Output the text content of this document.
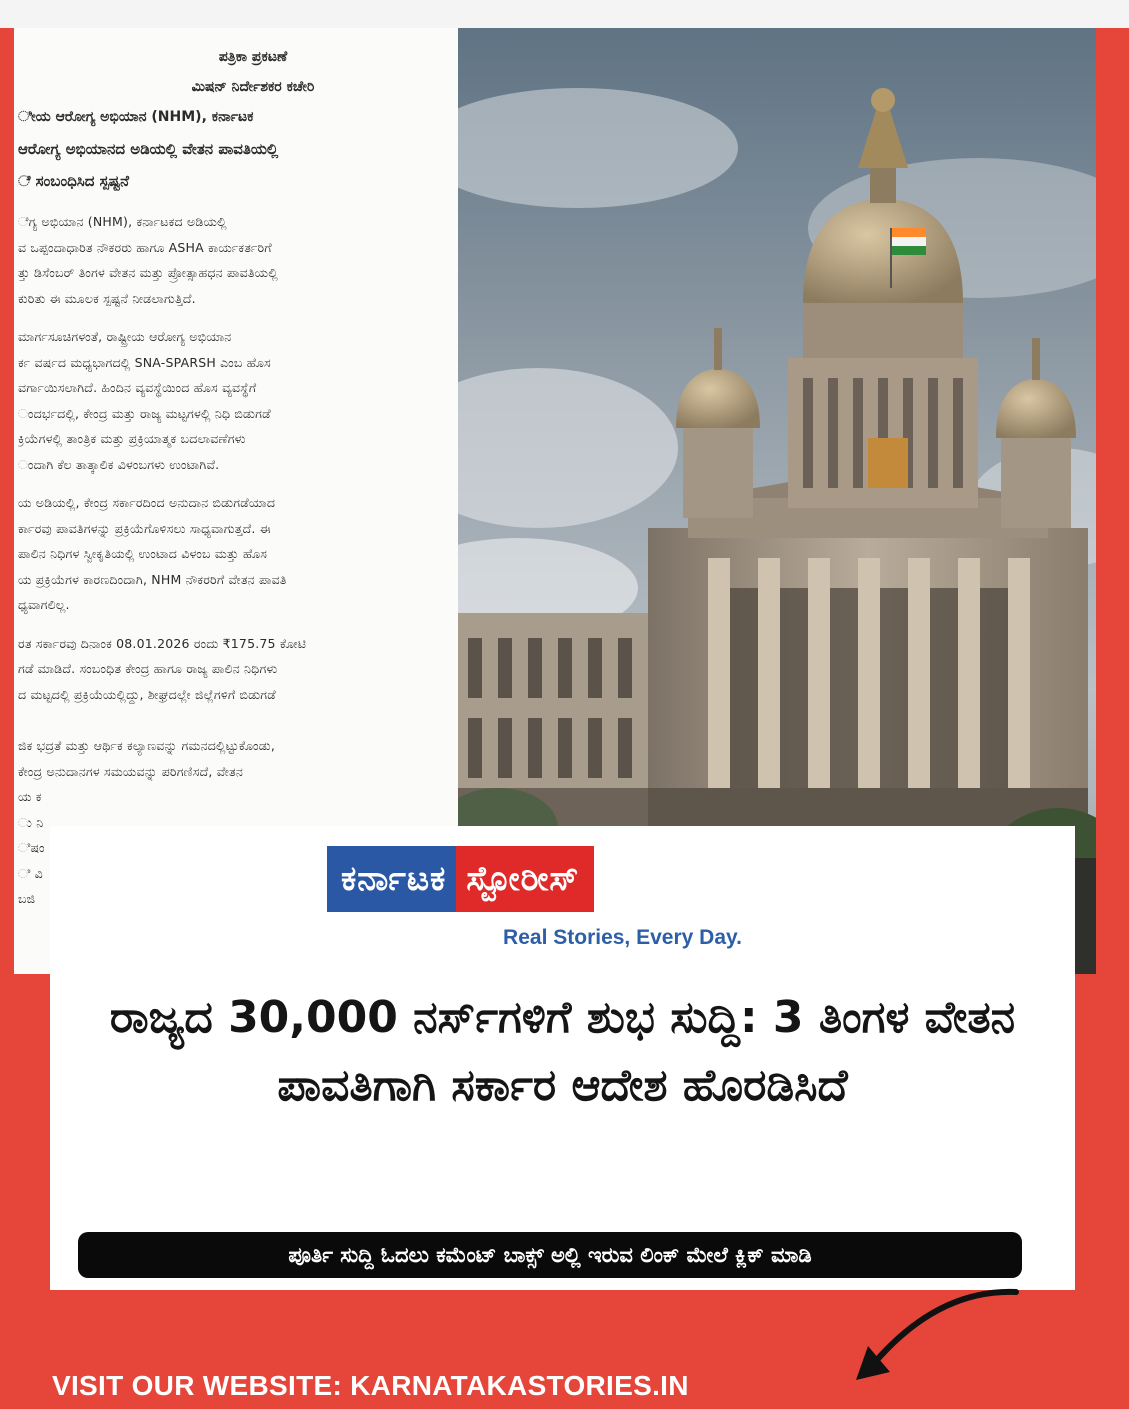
ಪತ್ರಿಕಾ ಪ್ರಕಟಣೆ
ಮಿಷನ್ ನಿರ್ದೇಶಕರ ಕಚೇರಿ
ೀಯ ಆರೋಗ್ಯ ಅಭಿಯಾನ (NHM), ಕರ್ನಾಟಕ
ಆರೋಗ್ಯ ಅಭಿಯಾನದ ಅಡಿಯಲ್ಲಿ ವೇತನ ಪಾವತಿಯಲ್ಲಿ
ೆ ಸಂಬಂಧಿಸಿದ ಸ್ಪಷ್ಟನೆ
ೆಗ್ಯ ಅಭಿಯಾನ (NHM), ಕರ್ನಾಟಕದ ಅಡಿಯಲ್ಲಿ
ವ ಒಪ್ಪಂದಾಧಾರಿತ ನೌಕರರು ಹಾಗೂ ASHA ಕಾರ್ಯಕರ್ತರಿಗೆ
ತ್ತು ಡಿಸೆಂಬರ್ ತಿಂಗಳ ವೇತನ ಮತ್ತು ಪ್ರೋತ್ಸಾಹಧನ ಪಾವತಿಯಲ್ಲಿ
ಕುರಿತು ಈ ಮೂಲಕ ಸ್ಪಷ್ಟನೆ ನೀಡಲಾಗುತ್ತಿದೆ.
ಮಾರ್ಗಸೂಚಿಗಳಂತೆ, ರಾಷ್ಟ್ರೀಯ ಆರೋಗ್ಯ ಅಭಿಯಾನ
ರ್ಕ ವರ್ಷದ ಮಧ್ಯಭಾಗದಲ್ಲಿ SNA-SPARSH ಎಂಬ ಹೊಸ
ವರ್ಗಾಯಿಸಲಾಗಿದೆ. ಹಿಂದಿನ ವ್ಯವಸ್ಥೆಯಿಂದ ಹೊಸ ವ್ಯವಸ್ಥೆಗೆ
ಂದರ್ಭದಲ್ಲಿ, ಕೇಂದ್ರ ಮತ್ತು ರಾಜ್ಯ ಮಟ್ಟಗಳಲ್ಲಿ ನಿಧಿ ಬಿಡುಗಡೆ
ಕ್ರಿಯೆಗಳಲ್ಲಿ ತಾಂತ್ರಿಕ ಮತ್ತು ಪ್ರಕ್ರಿಯಾತ್ಮಕ ಬದಲಾವಣೆಗಳು
ಂದಾಗಿ ಕೆಲ ತಾತ್ಕಾಲಿಕ ವಿಳಂಬಗಳು ಉಂಟಾಗಿವೆ.
ಯ ಅಡಿಯಲ್ಲಿ, ಕೇಂದ್ರ ಸರ್ಕಾರದಿಂದ ಅನುದಾನ ಬಿಡುಗಡೆಯಾದ
ರ್ಕಾರವು ಪಾವತಿಗಳನ್ನು ಪ್ರಕ್ರಿಯೆಗೊಳಿಸಲು ಸಾಧ್ಯವಾಗುತ್ತದೆ. ಈ
ಪಾಲಿನ ನಿಧಿಗಳ ಸ್ವೀಕೃತಿಯಲ್ಲಿ ಉಂಟಾದ ವಿಳಂಬ ಮತ್ತು ಹೊಸ
ಯ ಪ್ರಕ್ರಿಯೆಗಳ ಕಾರಣದಿಂದಾಗಿ, NHM ನೌಕರರಿಗೆ ವೇತನ ಪಾವತಿ
ಧ್ಯವಾಗಲಿಲ್ಲ.
ರತ ಸರ್ಕಾರವು ದಿನಾಂಕ 08.01.2026 ರಂದು ₹175.75 ಕೋಟಿ
ಗಡೆ ಮಾಡಿದೆ. ಸಂಬಂಧಿತ ಕೇಂದ್ರ ಹಾಗೂ ರಾಜ್ಯ ಪಾಲಿನ ನಿಧಿಗಳು
ದ ಮಟ್ಟದಲ್ಲಿ ಪ್ರಕ್ರಿಯೆಯಲ್ಲಿದ್ದು, ಶೀಘ್ರದಲ್ಲೇ ಜಿಲ್ಲೆಗಳಿಗೆ ಬಿಡುಗಡೆ
ಜಿಕ ಭದ್ರತೆ ಮತ್ತು ಆರ್ಥಿಕ ಕಲ್ಯಾಣವನ್ನು ಗಮನದಲ್ಲಿಟ್ಟುಕೊಂಡು,
ಕೇಂದ್ರ ಅನುದಾನಗಳ ಸಮಯವನ್ನು ಪರಿಗಣಿಸದೆ, ವೇತನ
ಯ ಕ
ು ನಿ
ಿಷಂ
ಿ ವಿ
ಬಜಿ	ಕರ್ನಾಟಕ ಸ್ಟೋರೀಸ್
Real Stories, Every Day.
ರಾಜ್ಯದ 30,000 ನರ್ಸ್‌ಗಳಿಗೆ ಶುಭ ಸುದ್ದಿ: 3 ತಿಂಗಳ ವೇತನ ಪಾವತಿಗಾಗಿ ಸರ್ಕಾರ ಆದೇಶ ಹೊರಡಿಸಿದೆ
ಪೂರ್ತಿ ಸುದ್ದಿ ಓದಲು ಕಮೆಂಟ್ ಬಾಕ್ಸ್ ಅಲ್ಲಿ ಇರುವ ಲಿಂಕ್ ಮೇಲೆ ಕ್ಲಿಕ್ ಮಾಡಿ
VISIT OUR WEBSITE: KARNATAKASTORIES.IN
